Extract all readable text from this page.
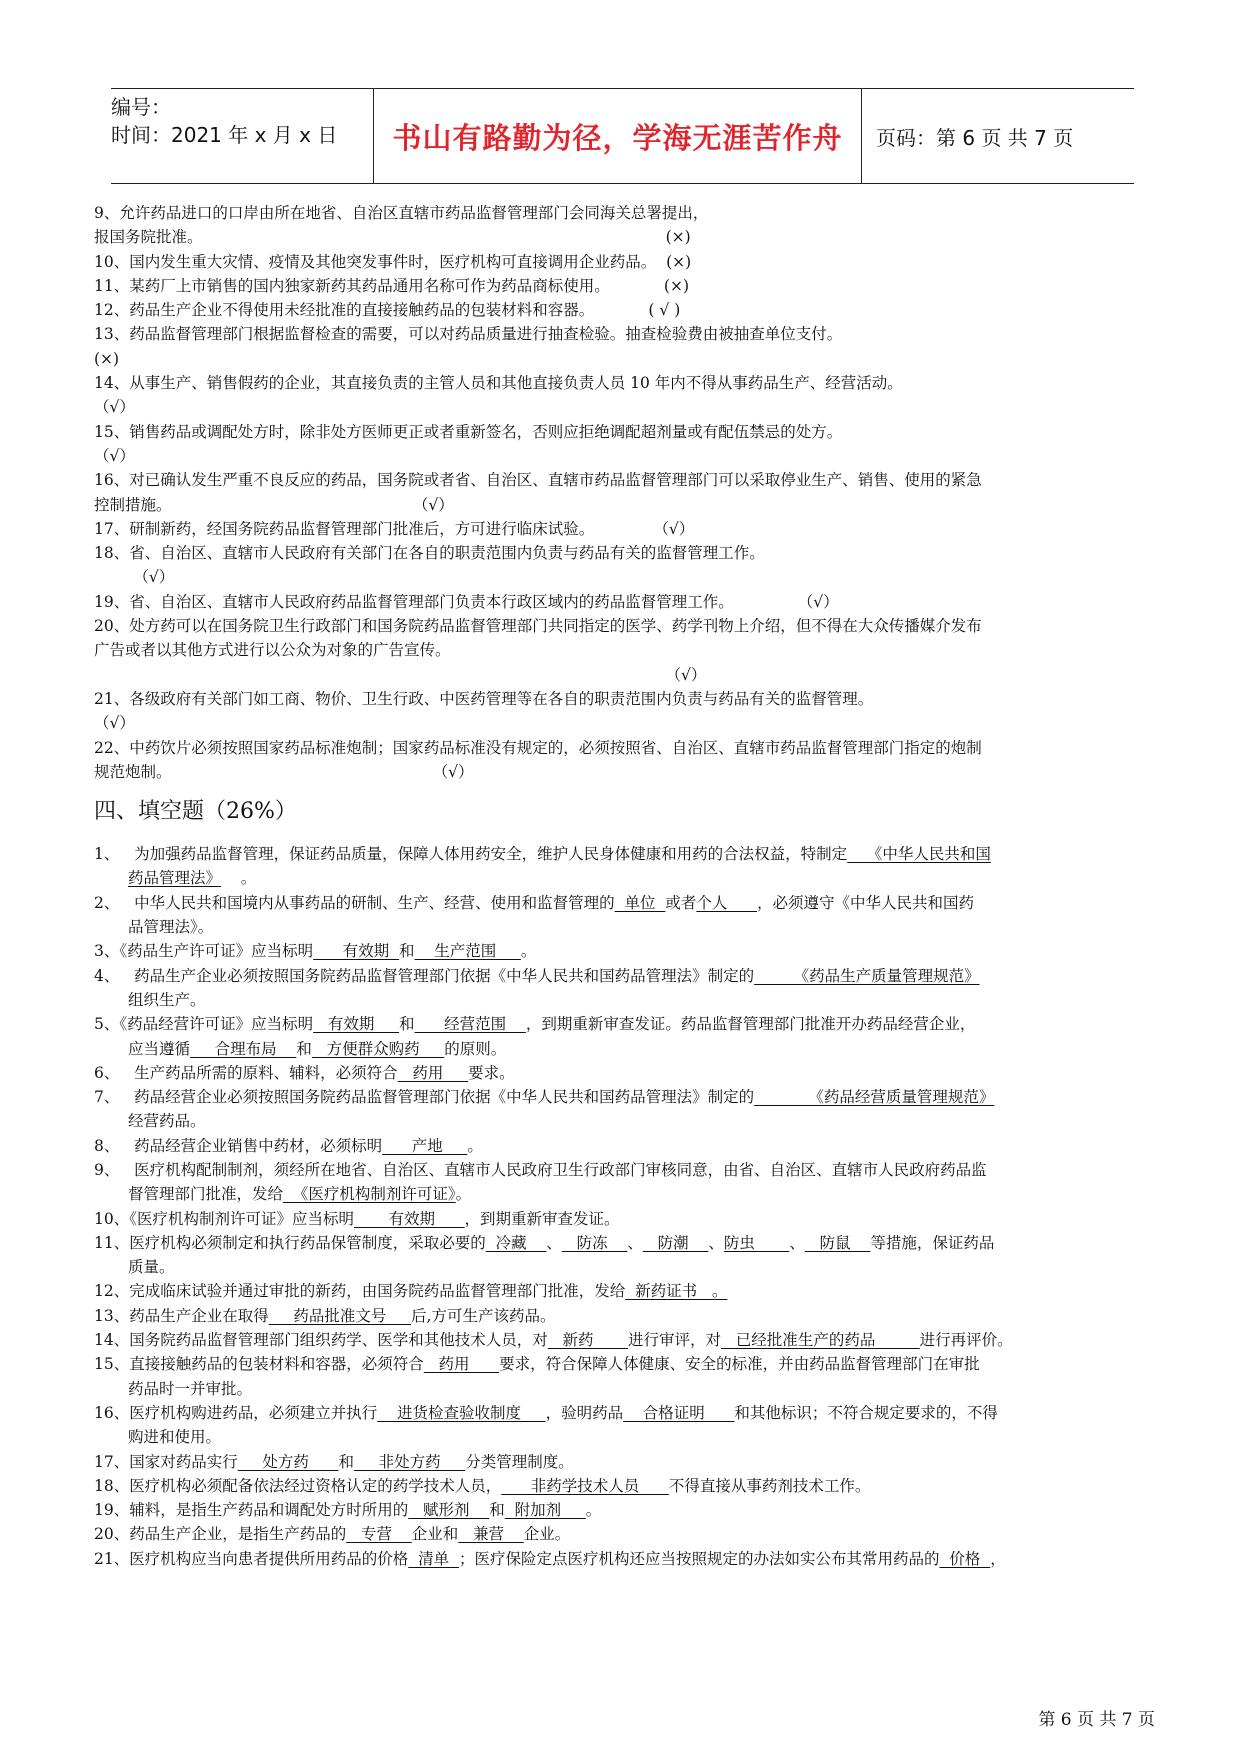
编号：
时间：2021 年 x 月 x 日	书山有路勤为径，学海无涯苦作舟 页码：第 6 页 共 7 页

9、允许药品进口的口岸由所在地省、自治区直辖市药品监督管理部门会同海关总署提出，

报国务院批准。                                                                                              (×)

10、国内发生重大灾情、疫情及其他突发事件时，医疗机构可直接调用企业药品。  (×)

11、某药厂上市销售的国内独家新药其药品通用名称可作为药品商标使用。           (×)

12、药品生产企业不得使用未经批准的直接接触药品的包装材料和容器。           ( √ )

13、药品监督管理部门根据监督检查的需要，可以对药品质量进行抽查检验。抽查检验费由被抽查单位支付。

(×)

14、从事生产、销售假药的企业，其直接负责的主管人员和其他直接负责人员 10 年内不得从事药品生产、经营活动。

（√）

15、销售药品或调配处方时，除非处方医师更正或者重新签名，否则应拒绝调配超剂量或有配伍禁忌的处方。

（√）

16、对已确认发生严重不良反应的药品，国务院或者省、自治区、直辖市药品监督管理部门可以采取停业生产、销售、使用的紧急

控制措施。                                                 （√）

17、研制新药，经国务院药品监督管理部门批准后，方可进行临床试验。            （√）

18、省、自治区、直辖市人民政府有关部门在各自的职责范围内负责与药品有关的监督管理工作。

（√）

19、省、自治区、直辖市人民政府药品监督管理部门负责本行政区域内的药品监督管理工作。             （√）

20、处方药可以在国务院卫生行政部门和国务院药品监督管理部门共同指定的医学、药学刊物上介绍，但不得在大众传播媒介发布

广告或者以其他方式进行以公众为对象的广告宣传。

（√）

21、各级政府有关部门如工商、物价、卫生行政、中医药管理等在各自的职责范围内负责与药品有关的监督管理。

（√）

22、中药饮片必须按照国家药品标准炮制；国家药品标准没有规定的，必须按照省、自治区、直辖市药品监督管理部门指定的炮制

规范炮制。                                                     （√）

四、填空题（26%）

1、   为加强药品监督管理，保证药品质量，保障人体用药安全，维护人民身体健康和用药的合法权益，特制定    《中华人民共和国

药品管理法》    。

2、   中华人民共和国境内从事药品的研制、生产、经营、使用和监督管理的  单位  或者个人      ，必须遵守《中华人民共和国药

品管理法》。

3、《药品生产许可证》应当标明      有效期  和    生产范围     。

4、   药品生产企业必须按照国务院药品监督管理部门依据《中华人民共和国药品管理法》制定的        《药品生产质量管理规范》

组织生产。

5、《药品经营许可证》应当标明   有效期     和      经营范围    ，到期重新审查发证。药品监督管理部门批准开办药品经营企业，

应当遵循     合理布局    和   方便群众购药     的原则。

6、   生产药品所需的原料、辅料，必须符合   药用     要求。

7、   药品经营企业必须按照国务院药品监督管理部门依据《中华人民共和国药品管理法》制定的           《药品经营质量管理规范》

经营药品。

8、   药品经营企业销售中药材，必须标明      产地     。

9、   医疗机构配制制剂，须经所在地省、自治区、直辖市人民政府卫生行政部门审核同意，由省、自治区、直辖市人民政府药品监

督管理部门批准，发给  《医疗机构制剂许可证》。

10、《医疗机构制剂许可证》应当标明       有效期      ，到期重新审查发证。

11、医疗机构必须制定和执行药品保管制度，采取必要的  冷藏    、   防冻    、   防潮    、防虫       、   防鼠    等措施，保证药品

质量。

12、完成临床试验并通过审批的新药，由国务院药品监督管理部门批准，发给  新药证书   。

13、药品生产企业在取得     药品批准文号     后,方可生产该药品。

14、国务院药品监督管理部门组织药学、医学和其他技术人员，对   新药       进行审评，对   已经批准生产的药品         进行再评价。

15、直接接触药品的包装材料和容器，必须符合   药用      要求，符合保障人体健康、安全的标准，并由药品监督管理部门在审批

药品时一并审批。

16、医疗机构购进药品，必须建立并执行    进货检查验收制度     ，验明药品    合格证明      和其他标识；不符合规定要求的，不得

购进和使用。

17、国家对药品实行     处方药      和     非处方药     分类管理制度。

18、医疗机构必须配备依法经过资格认定的药学技术人员，      非药学技术人员      不得直接从事药剂技术工作。

19、辅料，是指生产药品和调配处方时所用的   赋形剂    和  附加剂     。

20、药品生产企业，是指生产药品的   专营    企业和   兼营    企业。

21、医疗机构应当向患者提供所用药品的价格  清单  ；医疗保险定点医疗机构还应当按照规定的办法如实公布其常用药品的  价格  ，

第 6 页 共 7 页
